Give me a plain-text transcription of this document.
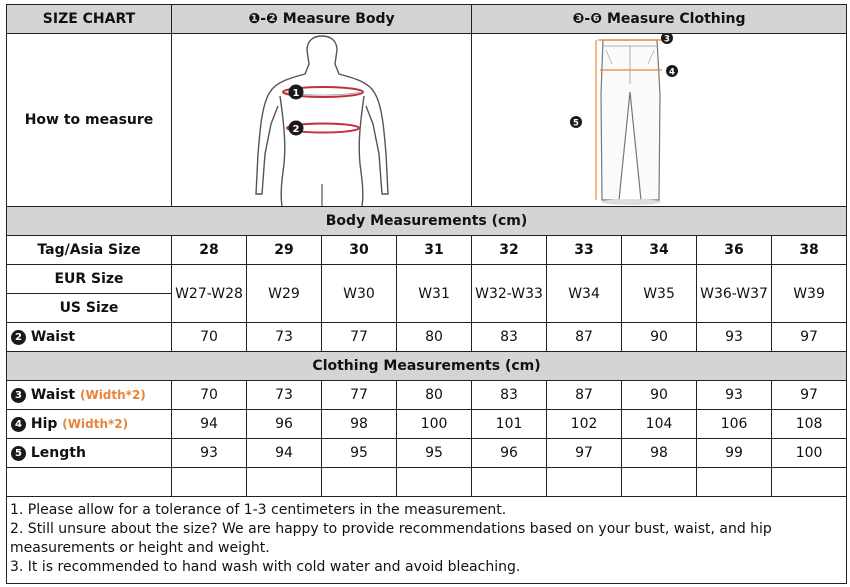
SIZE CHART	❶-❷ Measure Body				❸-❻ Measure Clothing				
How to measure	1
2				3
4
5				

Body Measurements (cm)									
Tag/Asia Size	28	29	30	31	32	33	34	36	38
EUR Size	W27-W28	W29	W30	W31	W32-W33	W34	W35	W36-W37	W39
US Size									
2 Waist	70	73	77	80	83	87	90	93	97
Clothing Measurements (cm)									
3 Waist (Width*2)	70	73	77	80	83	87	90	93	97
4 Hip (Width*2)	94	96	98	100	101	102	104	106	108
5 Length	93	94	95	95	96	97	98	99	100

1. Please allow for a tolerance of 1-3 centimeters in the measurement.
2. Still unsure about the size? We are happy to provide recommendations based on your bust, waist, and hip measurements or height and weight.
3. It is recommended to hand wash with cold water and avoid bleaching.									
